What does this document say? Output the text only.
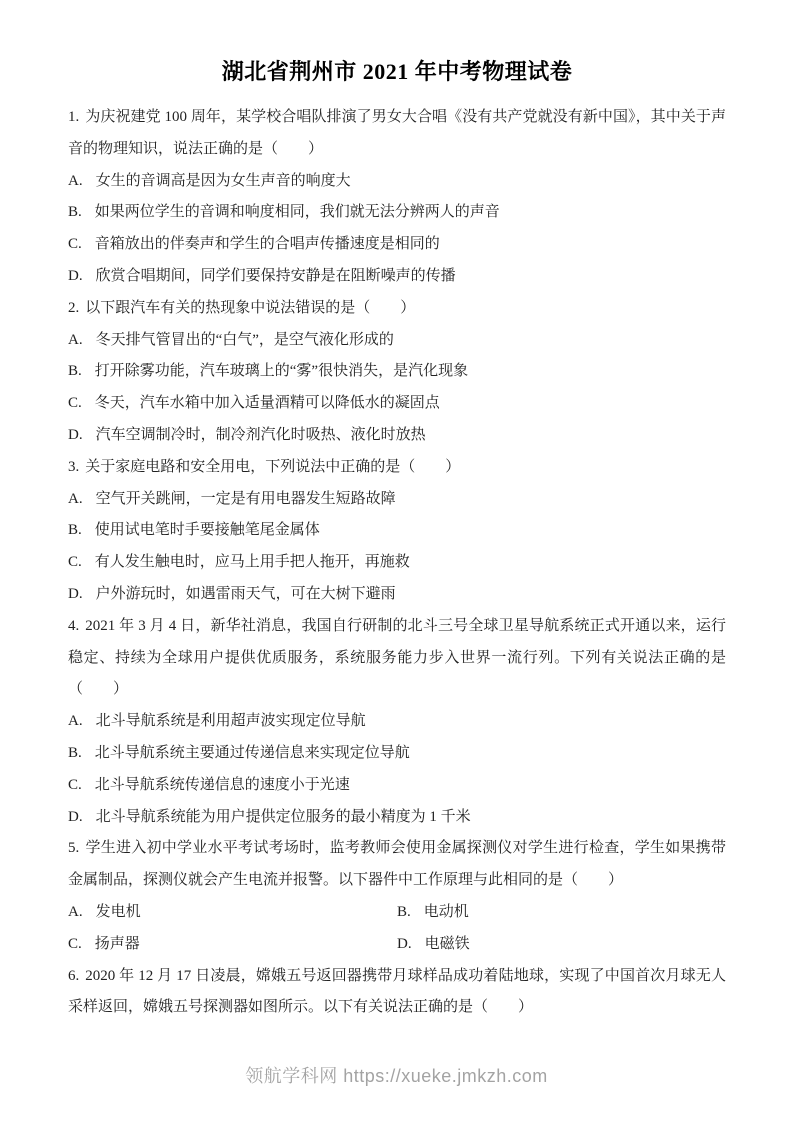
湖北省荆州市 2021 年中考物理试卷

1. 为庆祝建党 100 周年，某学校合唱队排演了男女大合唱《没有共产党就没有新中国》，其中关于声音的物理知识，说法正确的是（　　）

A. 女生的音调高是因为女生声音的响度大

B. 如果两位学生的音调和响度相同，我们就无法分辨两人的声音

C. 音箱放出的伴奏声和学生的合唱声传播速度是相同的

D. 欣赏合唱期间，同学们要保持安静是在阻断噪声的传播

2. 以下跟汽车有关的热现象中说法错误的是（　　）

A. 冬天排气管冒出的“白气”，是空气液化形成的

B. 打开除雾功能，汽车玻璃上的“雾”很快消失，是汽化现象

C. 冬天，汽车水箱中加入适量酒精可以降低水的凝固点

D. 汽车空调制冷时，制冷剂汽化时吸热、液化时放热

3. 关于家庭电路和安全用电，下列说法中正确的是（　　）

A. 空气开关跳闸，一定是有用电器发生短路故障

B. 使用试电笔时手要接触笔尾金属体

C. 有人发生触电时，应马上用手把人拖开，再施救

D. 户外游玩时，如遇雷雨天气，可在大树下避雨

4. 2021 年 3 月 4 日，新华社消息，我国自行研制的北斗三号全球卫星导航系统正式开通以来，运行稳定、持续为全球用户提供优质服务，系统服务能力步入世界一流行列。下列有关说法正确的是（　　）

A. 北斗导航系统是利用超声波实现定位导航

B. 北斗导航系统主要通过传递信息来实现定位导航

C. 北斗导航系统传递信息的速度小于光速

D. 北斗导航系统能为用户提供定位服务的最小精度为 1 千米

5. 学生进入初中学业水平考试考场时，监考教师会使用金属探测仪对学生进行检查，学生如果携带金属制品，探测仪就会产生电流并报警。以下器件中工作原理与此相同的是（　　）

A. 发电机	B. 电动机

C. 扬声器	D. 电磁铁

6. 2020 年 12 月 17 日凌晨，嫦娥五号返回器携带月球样品成功着陆地球，实现了中国首次月球无人采样返回，嫦娥五号探测器如图所示。以下有关说法正确的是（　　）

领航学科网 https://xueke.jmkzh.com
